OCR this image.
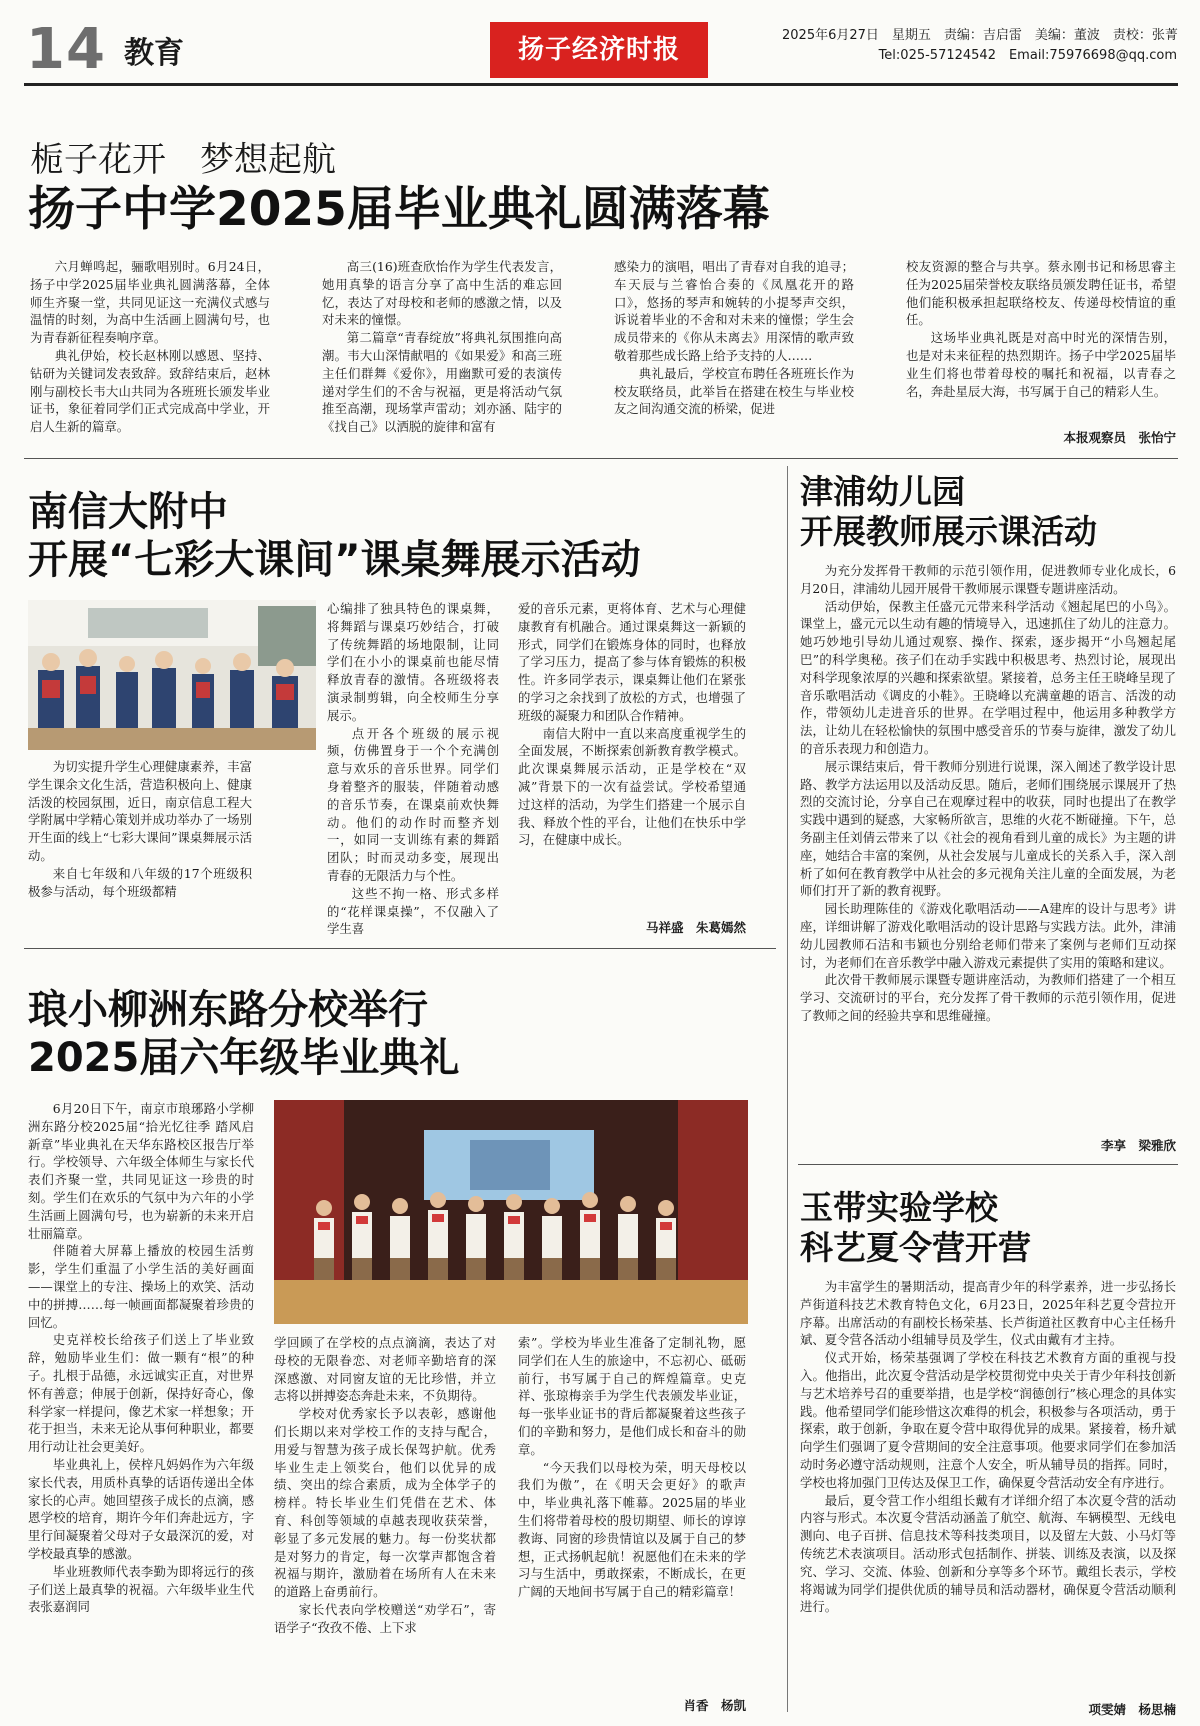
14 教育	扬子经济时报	2025年6月27日　星期五　责编：吉启雷　美编：董波　责校：张菁
Tel:025-57124542　Email:75976698@qq.com
栀子花开　梦想起航
扬子中学2025届毕业典礼圆满落幕

六月蝉鸣起，骊歌唱别时。6月24日，扬子中学2025届毕业典礼圆满落幕，全体师生齐聚一堂，共同见证这一充满仪式感与温情的时刻，为高中生活画上圆满句号，也为青春新征程奏响序章。

典礼伊始，校长赵林刚以感恩、坚持、钻研为关键词发表致辞。致辞结束后，赵林刚与副校长韦大山共同为各班班长颁发毕业证书，象征着同学们正式完成高中学业，开启人生新的篇章。

高三(16)班查欣怡作为学生代表发言，她用真挚的语言分享了高中生活的难忘回忆，表达了对母校和老师的感激之情，以及对未来的憧憬。

第二篇章“青春绽放”将典礼氛围推向高潮。韦大山深情献唱的《如果爱》和高三班主任们群舞《爱你》，用幽默可爱的表演传递对学生们的不舍与祝福，更是将活动气氛推至高潮，现场掌声雷动；刘亦涵、陆宇的《找自己》以洒脱的旋律和富有

感染力的演唱，唱出了青春对自我的追寻；车天辰与兰睿怡合奏的《凤凰花开的路口》，悠扬的琴声和婉转的小提琴声交织，诉说着毕业的不舍和对未来的憧憬；学生会成员带来的《你从未离去》用深情的歌声致敬着那些成长路上给予支持的人……

典礼最后，学校宣布聘任各班班长作为校友联络员，此举旨在搭建在校生与毕业校友之间沟通交流的桥梁，促进

校友资源的整合与共享。蔡永刚书记和杨思睿主任为2025届荣誉校友联络员颁发聘任证书，希望他们能积极承担起联络校友、传递母校情谊的重任。

这场毕业典礼既是对高中时光的深情告别，也是对未来征程的热烈期许。扬子中学2025届毕业生们将也带着母校的嘱托和祝福，以青春之名，奔赴星辰大海，书写属于自己的精彩人生。

本报观察员　张怡宁
南信大附中
开展“七彩大课间”课桌舞展示活动

为切实提升学生心理健康素养，丰富学生课余文化生活，营造积极向上、健康活泼的校园氛围，近日，南京信息工程大学附属中学精心策划并成功举办了一场别开生面的线上“七彩大课间”课桌舞展示活动。

来自七年级和八年级的17个班级积极参与活动，每个班级都精

心编排了独具特色的课桌舞，将舞蹈与课桌巧妙结合，打破了传统舞蹈的场地限制，让同学们在小小的课桌前也能尽情释放青春的激情。各班级将表演录制剪辑，向全校师生分享展示。

点开各个班级的展示视频，仿佛置身于一个个充满创意与欢乐的音乐世界。同学们身着整齐的服装，伴随着动感的音乐节奏，在课桌前欢快舞动。他们的动作时而整齐划一，如同一支训练有素的舞蹈团队；时而灵动多变，展现出青春的无限活力与个性。

这些不拘一格、形式多样的“花样课桌操”，不仅融入了学生喜

爱的音乐元素，更将体育、艺术与心理健康教育有机融合。通过课桌舞这一新颖的形式，同学们在锻炼身体的同时，也释放了学习压力，提高了参与体育锻炼的积极性。许多同学表示，课桌舞让他们在紧张的学习之余找到了放松的方式，也增强了班级的凝聚力和团队合作精神。

南信大附中一直以来高度重视学生的全面发展，不断探索创新教育教学模式。此次课桌舞展示活动，正是学校在“双减”背景下的一次有益尝试。学校希望通过这样的活动，为学生们搭建一个展示自我、释放个性的平台，让他们在快乐中学习，在健康中成长。

马祥盛　朱葛嫣然
琅小柳洲东路分校举行
2025届六年级毕业典礼

6月20日下午，南京市琅琊路小学柳洲东路分校2025届“拾光忆往季 踏风启新章”毕业典礼在天华东路校区报告厅举行。学校领导、六年级全体师生与家长代表们齐聚一堂，共同见证这一珍贵的时刻。学生们在欢乐的气氛中为六年的小学生活画上圆满句号，也为崭新的未来开启壮丽篇章。

伴随着大屏幕上播放的校园生活剪影，学生们重温了小学生活的美好画面——课堂上的专注、操场上的欢笑、活动中的拼搏……每一帧画面都凝聚着珍贵的回忆。

史克祥校长给孩子们送上了毕业致辞，勉励毕业生们：做一颗有“根”的种子。扎根于品德，永远诚实正直，对世界怀有善意；伸展于创新，保持好奇心，像科学家一样提问，像艺术家一样想象；开花于担当，未来无论从事何种职业，都要用行动让社会更美好。

毕业典礼上，侯梓凡妈妈作为六年级家长代表，用质朴真挚的话语传递出全体家长的心声。她回望孩子成长的点滴，感恩学校的培育，期许今年们奔赴远方，字里行间凝聚着父母对子女最深沉的爱，对学校最真挚的感激。

毕业班教师代表李勤为即将远行的孩子们送上最真挚的祝福。六年级毕业生代表张嘉润同

学回顾了在学校的点点滴滴，表达了对母校的无限眷恋、对老师辛勤培育的深深感激、对同窗友谊的无比珍惜，并立志将以拼搏姿态奔赴未来，不负期待。

学校对优秀家长予以表彰，感谢他们长期以来对学校工作的支持与配合，用爱与智慧为孩子成长保驾护航。优秀毕业生走上领奖台，他们以优异的成绩、突出的综合素质，成为全体学子的榜样。特长毕业生们凭借在艺术、体育、科创等领域的卓越表现收获荣誉，彰显了多元发展的魅力。每一份奖状都是对努力的肯定，每一次掌声都饱含着祝福与期许，激励着在场所有人在未来的道路上奋勇前行。

家长代表向学校赠送“劝学石”，寄语学子“孜孜不倦、上下求

索”。学校为毕业生准备了定制礼物，愿同学们在人生的旅途中，不忘初心、砥砺前行，书写属于自己的辉煌篇章。史克祥、张琼梅亲手为学生代表颁发毕业证，每一张毕业证书的背后都凝聚着这些孩子们的辛勤和努力，是他们成长和奋斗的勋章。

“今天我们以母校为荣，明天母校以我们为傲”，在《明天会更好》的歌声中，毕业典礼落下帷幕。2025届的毕业生们将带着母校的殷切期望、师长的谆谆教诲、同窗的珍贵情谊以及属于自己的梦想，正式扬帆起航！祝愿他们在未来的学习与生活中，勇敢探索，不断成长，在更广阔的天地间书写属于自己的精彩篇章！

肖香　杨凯
津浦幼儿园
开展教师展示课活动

为充分发挥骨干教师的示范引领作用，促进教师专业化成长，6月20日，津浦幼儿园开展骨干教师展示课暨专题讲座活动。

活动伊始，保教主任盛元元带来科学活动《翘起尾巴的小鸟》。课堂上，盛元元以生动有趣的情境导入，迅速抓住了幼儿的注意力。她巧妙地引导幼儿通过观察、操作、探索，逐步揭开“小鸟翘起尾巴”的科学奥秘。孩子们在动手实践中积极思考、热烈讨论，展现出对科学现象浓厚的兴趣和探索欲望。紧接着，总务主任王晓峰呈现了音乐歌唱活动《调皮的小鞋》。王晓峰以充满童趣的语言、活泼的动作，带领幼儿走进音乐的世界。在学唱过程中，他运用多种教学方法，让幼儿在轻松愉快的氛围中感受音乐的节奏与旋律，激发了幼儿的音乐表现力和创造力。

展示课结束后，骨干教师分别进行说课，深入阐述了教学设计思路、教学方法运用以及活动反思。随后，老师们围绕展示课展开了热烈的交流讨论，分享自己在观摩过程中的收获，同时也提出了在教学实践中遇到的疑惑，大家畅所欲言，思维的火花不断碰撞。下午，总务副主任刘倩云带来了以《社会的视角看到儿童的成长》为主题的讲座，她结合丰富的案例，从社会发展与儿童成长的关系入手，深入剖析了如何在教育教学中从社会的多元视角关注儿童的全面发展，为老师们打开了新的教育视野。

园长助理陈佳的《游戏化歌唱活动——A建库的设计与思考》讲座，详细讲解了游戏化歌唱活动的设计思路与实践方法。此外，津浦幼儿园教师石洁和韦颖也分别给老师们带来了案例与老师们互动探讨，为老师们在音乐教学中融入游戏元素提供了实用的策略和建议。

此次骨干教师展示课暨专题讲座活动，为教师们搭建了一个相互学习、交流研讨的平台，充分发挥了骨干教师的示范引领作用，促进了教师之间的经验共享和思维碰撞。

李享　梁雅欣
玉带实验学校
科艺夏令营开营

为丰富学生的暑期活动，提高青少年的科学素养，进一步弘扬长芦街道科技艺术教育特色文化，6月23日，2025年科艺夏令营拉开序幕。出席活动的有副校长杨荣基、长芦街道社区教育中心主任杨升斌、夏令营各活动小组辅导员及学生，仪式由戴有才主持。

仪式开始，杨荣基强调了学校在科技艺术教育方面的重视与投入。他指出，此次夏令营活动是学校贯彻党中央关于青少年科技创新与艺术培养号召的重要举措，也是学校“润德创行”核心理念的具体实践。他希望同学们能珍惜这次难得的机会，积极参与各项活动，勇于探索，敢于创新，争取在夏令营中取得优异的成果。紧接着，杨升斌向学生们强调了夏令营期间的安全注意事项。他要求同学们在参加活动时务必遵守活动规则，注意个人安全，听从辅导员的指挥。同时，学校也将加强门卫传达及保卫工作，确保夏令营活动安全有序进行。

最后，夏令营工作小组组长戴有才详细介绍了本次夏令营的活动内容与形式。本次夏令营活动涵盖了航空、航海、车辆模型、无线电测向、电子百拼、信息技术等科技类项目，以及留左大鼓、小马灯等传统艺术表演项目。活动形式包括制作、拼装、训练及表演，以及探究、学习、交流、体验、创新和分享等多个环节。戴组长表示，学校将竭诚为同学们提供优质的辅导员和活动器材，确保夏令营活动顺利进行。

项雯婧　杨思楠
